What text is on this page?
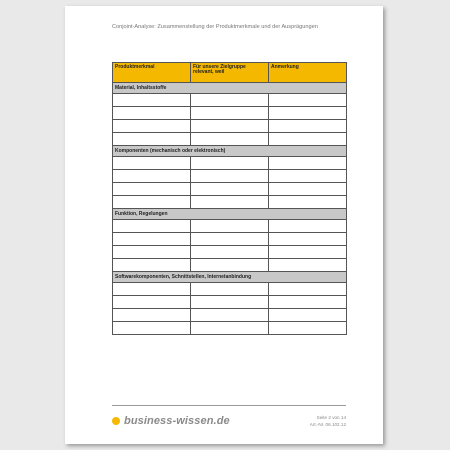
Conjoint-Analyse: Zusammenstellung der Produktmerkmale und der Ausprägungen
Produktmerkmal	Für unsere Zielgruppe relevant, weil	Anmerkung
Material, Inhaltsstoffe		

Komponenten (mechanisch oder elektronisch)		

Funktion, Regelungen		

Softwarekomponenten, Schnittstellen, Internetanbindung		

business-wissen.de	Seite 2 von 14
Art.-Nr. 06.102.12
